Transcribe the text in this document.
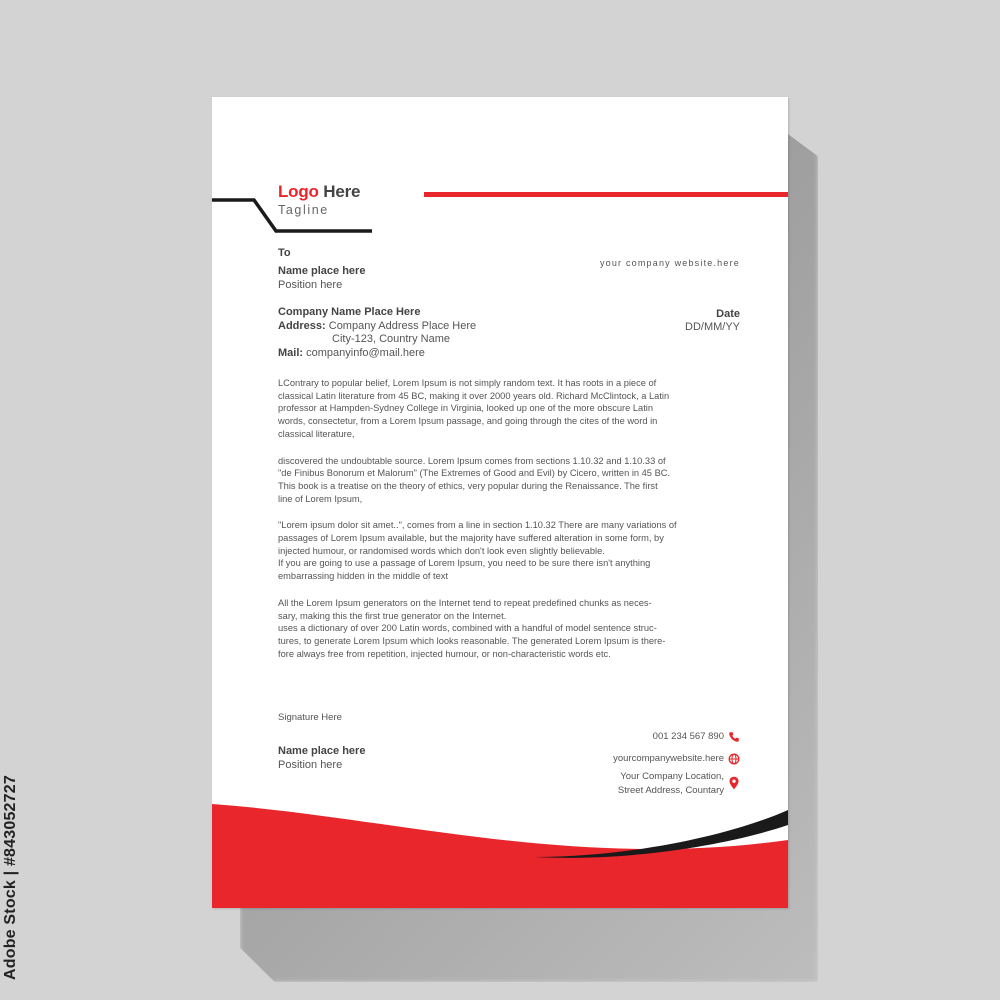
Adobe Stock | #843052727
Logo Here
Tagline
your company website.here
To
Name place here
Position here
Company Name Place Here
Address: Company Address Place Here
City-123, Country Name
Mail: companyinfo@mail.here
Date
DD/MM/YY

LContrary to popular belief, Lorem Ipsum is not simply random text. It has roots in a piece of
classical Latin literature from 45 BC, making it over 2000 years old. Richard McClintock, a Latin
professor at Hampden-Sydney College in Virginia, looked up one of the more obscure Latin
words, consectetur, from a Lorem Ipsum passage, and going through the cites of the word in
classical literature,

discovered the undoubtable source. Lorem Ipsum comes from sections 1.10.32 and 1.10.33 of
"de Finibus Bonorum et Malorum" (The Extremes of Good and Evil) by Cicero, written in 45 BC.
This book is a treatise on the theory of ethics, very popular during the Renaissance. The first
line of Lorem Ipsum,

"Lorem ipsum dolor sit amet..", comes from a line in section 1.10.32 There are many variations of
passages of Lorem Ipsum available, but the majority have suffered alteration in some form, by
injected humour, or randomised words which don't look even slightly believable.
If you are going to use a passage of Lorem Ipsum, you need to be sure there isn't anything
embarrassing hidden in the middle of text

All the Lorem Ipsum generators on the Internet tend to repeat predefined chunks as neces-
sary, making this the first true generator on the Internet.
uses a dictionary of over 200 Latin words, combined with a handful of model sentence struc-
tures, to generate Lorem Ipsum which looks reasonable. The generated Lorem Ipsum is there-
fore always free from repetition, injected humour, or non-characteristic words etc.

Signature Here
Name place here
Position here
001 234 567 890
yourcompanywebsite.here
Your Company Location,
Street Address, Countary
